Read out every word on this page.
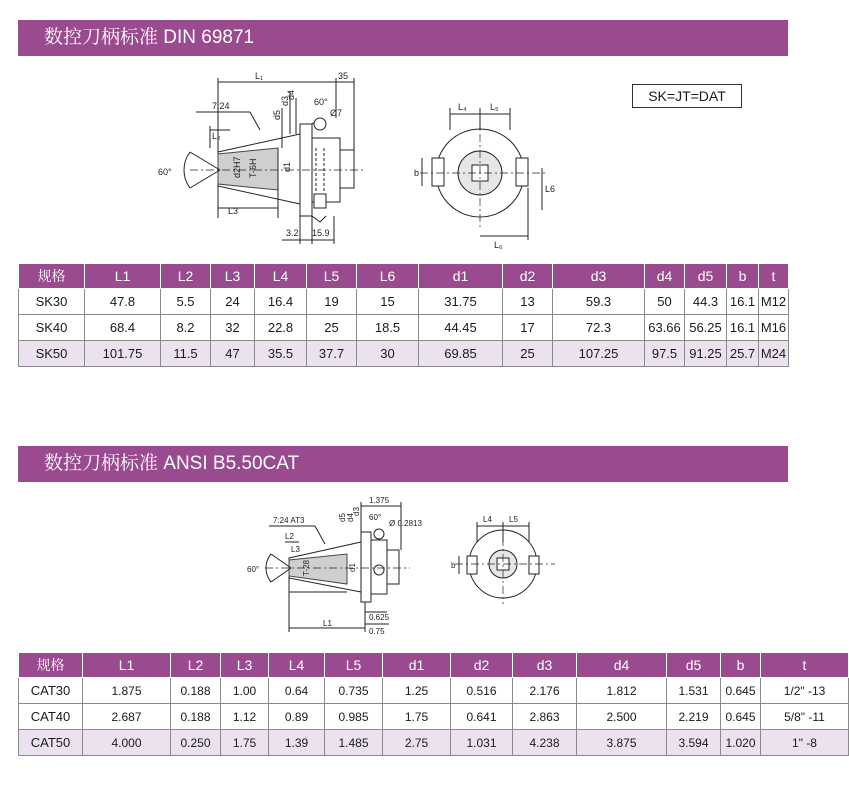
数控刀柄标准 DIN 69871
SK=JT=DAT
L₁	35
7:24	d3
d4
d5
60°
Ø7
L₂
d2H7 T-6H	d1
60°
L3
3.2 15.9
L₄	L₅
b
L6
L₆
规格	L1	L2	L3	L4	L5	L6	d1	d2	d3	d4	d5	b	t
SK30	47.8	5.5	24	16.4	19	15	31.75	13	59.3	50	44.3	16.1	M12
SK40	68.4	8.2	32	22.8	25	18.5	44.45	17	72.3	63.66	56.25	16.1	M16
SK50	101.75	11.5	47	35.5	37.7	30	69.85	25	107.25	97.5	91.25	25.7	M24
数控刀柄标准 ANSI B5.50CAT
1.375
7:24 AT3	d5 d4
d3
60°
Ø 0.2813
L2
L3
60°	T-28	d1
0.625
0.75
L1
L4 L5
b
规格	L1	L2	L3	L4	L5	d1	d2	d3	d4	d5	b	t
CAT30	1.875	0.188	1.00	0.64	0.735	1.25	0.516	2.176	1.812	1.531	0.645	1/2" -13
CAT40	2.687	0.188	1.12	0.89	0.985	1.75	0.641	2.863	2.500	2.219	0.645	5/8" -11
CAT50	4.000	0.250	1.75	1.39	1.485	2.75	1.031	4.238	3.875	3.594	1.020	1" -8
